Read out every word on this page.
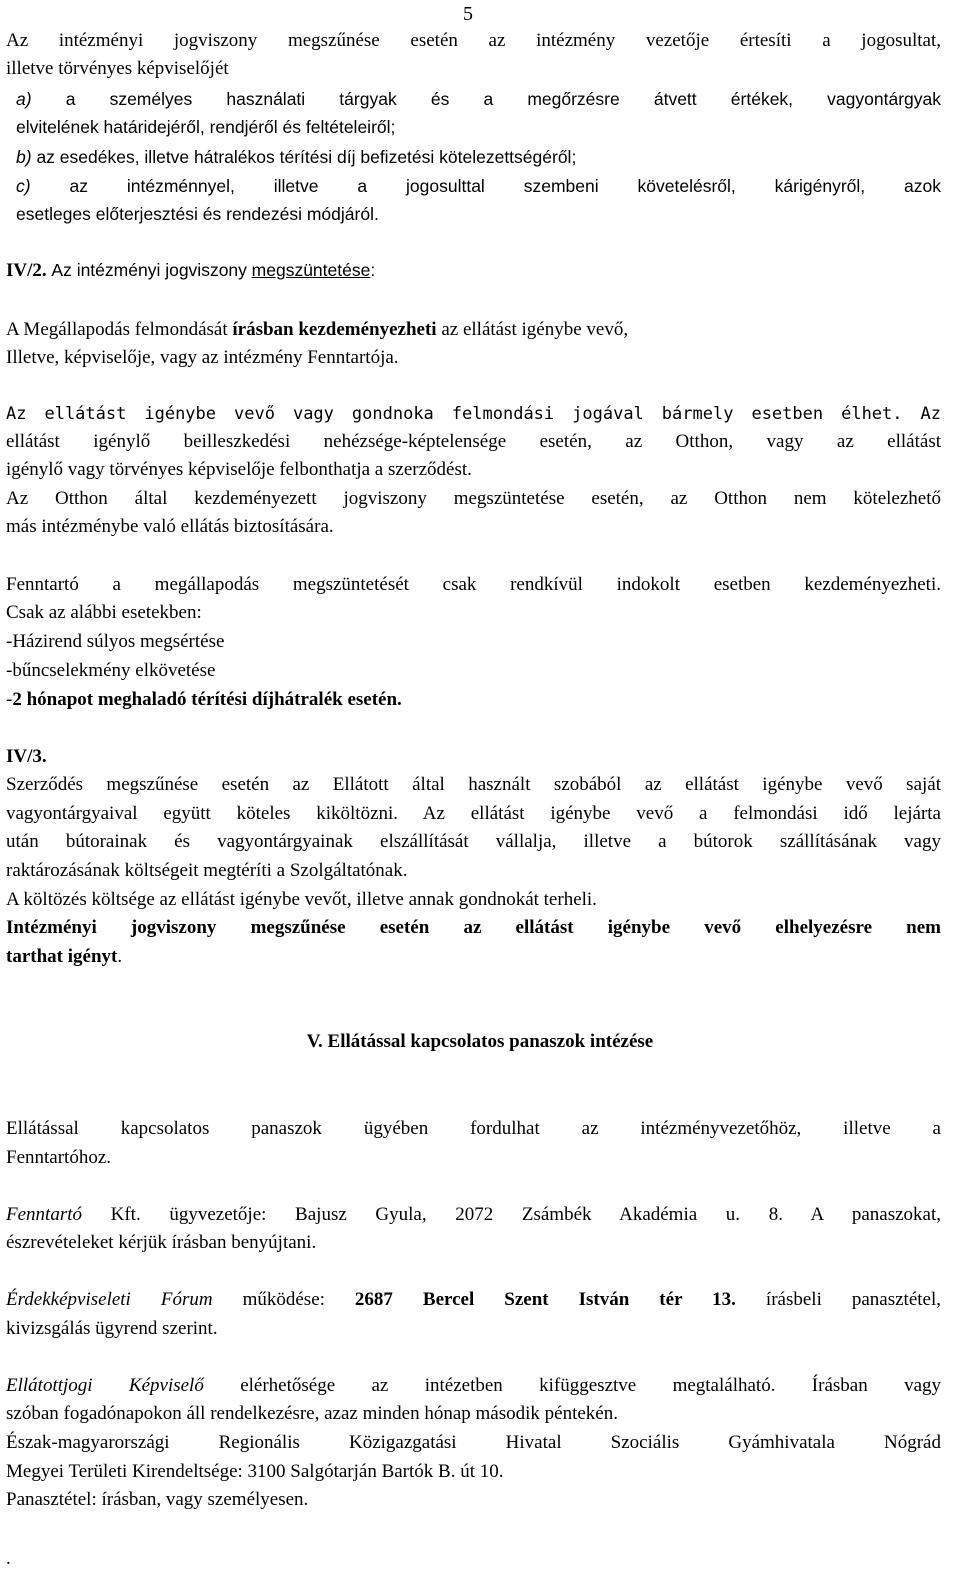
5
Az intézményi jogviszony megszűnése esetén az intézmény vezetője értesíti a jogosultat,
illetve törvényes képviselőjét
a) a személyes használati tárgyak és a megőrzésre átvett értékek, vagyontárgyak
elvitelének határidejéről, rendjéről és feltételeiről;
b) az esedékes, illetve hátralékos térítési díj befizetési kötelezettségéről;
c) az intézménnyel, illetve a jogosulttal szembeni követelésről, kárigényről, azok
esetleges előterjesztési és rendezési módjáról.
IV/2. Az intézményi jogviszony megszüntetése:
A Megállapodás felmondását írásban kezdeményezheti az ellátást igénybe vevő,
Illetve, képviselője, vagy az intézmény Fenntartója.
Az ellátást igénybe vevő vagy gondnoka felmondási jogával bármely esetben élhet. Az
ellátást igénylő beilleszkedési nehézsége-képtelensége esetén, az Otthon, vagy az ellátást
igénylő vagy törvényes képviselője felbonthatja a szerződést.
Az Otthon által kezdeményezett jogviszony megszüntetése esetén, az Otthon nem kötelezhető
más intézménybe való ellátás biztosítására.
Fenntartó a megállapodás megszüntetését csak rendkívül indokolt esetben kezdeményezheti.
Csak az alábbi esetekben:
-Házirend súlyos megsértése
-bűncselekmény elkövetése
-2 hónapot meghaladó térítési díjhátralék esetén.
IV/3.
Szerződés megszűnése esetén az Ellátott által használt szobából az ellátást igénybe vevő saját
vagyontárgyaival együtt köteles kiköltözni. Az ellátást igénybe vevő a felmondási idő lejárta
után bútorainak és vagyontárgyainak elszállítását vállalja, illetve a bútorok szállításának vagy
raktározásának költségeit megtéríti a Szolgáltatónak.
A költözés költsége az ellátást igénybe vevőt, illetve annak gondnokát terheli.
Intézményi jogviszony megszűnése esetén az ellátást igénybe vevő elhelyezésre nem
tarthat igényt.
V. Ellátással kapcsolatos panaszok intézése
Ellátással kapcsolatos panaszok ügyében fordulhat az intézményvezetőhöz, illetve a
Fenntartóhoz.
Fenntartó Kft. ügyvezetője: Bajusz Gyula, 2072 Zsámbék Akadémia u. 8. A panaszokat,
észrevételeket kérjük írásban benyújtani.
Érdekképviseleti Fórum működése: 2687 Bercel Szent István tér 13. írásbeli panasztétel,
kivizsgálás ügyrend szerint.
Ellátottjogi Képviselő elérhetősége az intézetben kifüggesztve megtalálható. Írásban vagy
szóban fogadónapokon áll rendelkezésre, azaz minden hónap második péntekén.
Észak-magyarországi Regionális Közigazgatási Hivatal Szociális Gyámhivatala Nógrád
Megyei Területi Kirendeltsége: 3100 Salgótarján Bartók B. út 10.
Panasztétel: írásban, vagy személyesen.
.
